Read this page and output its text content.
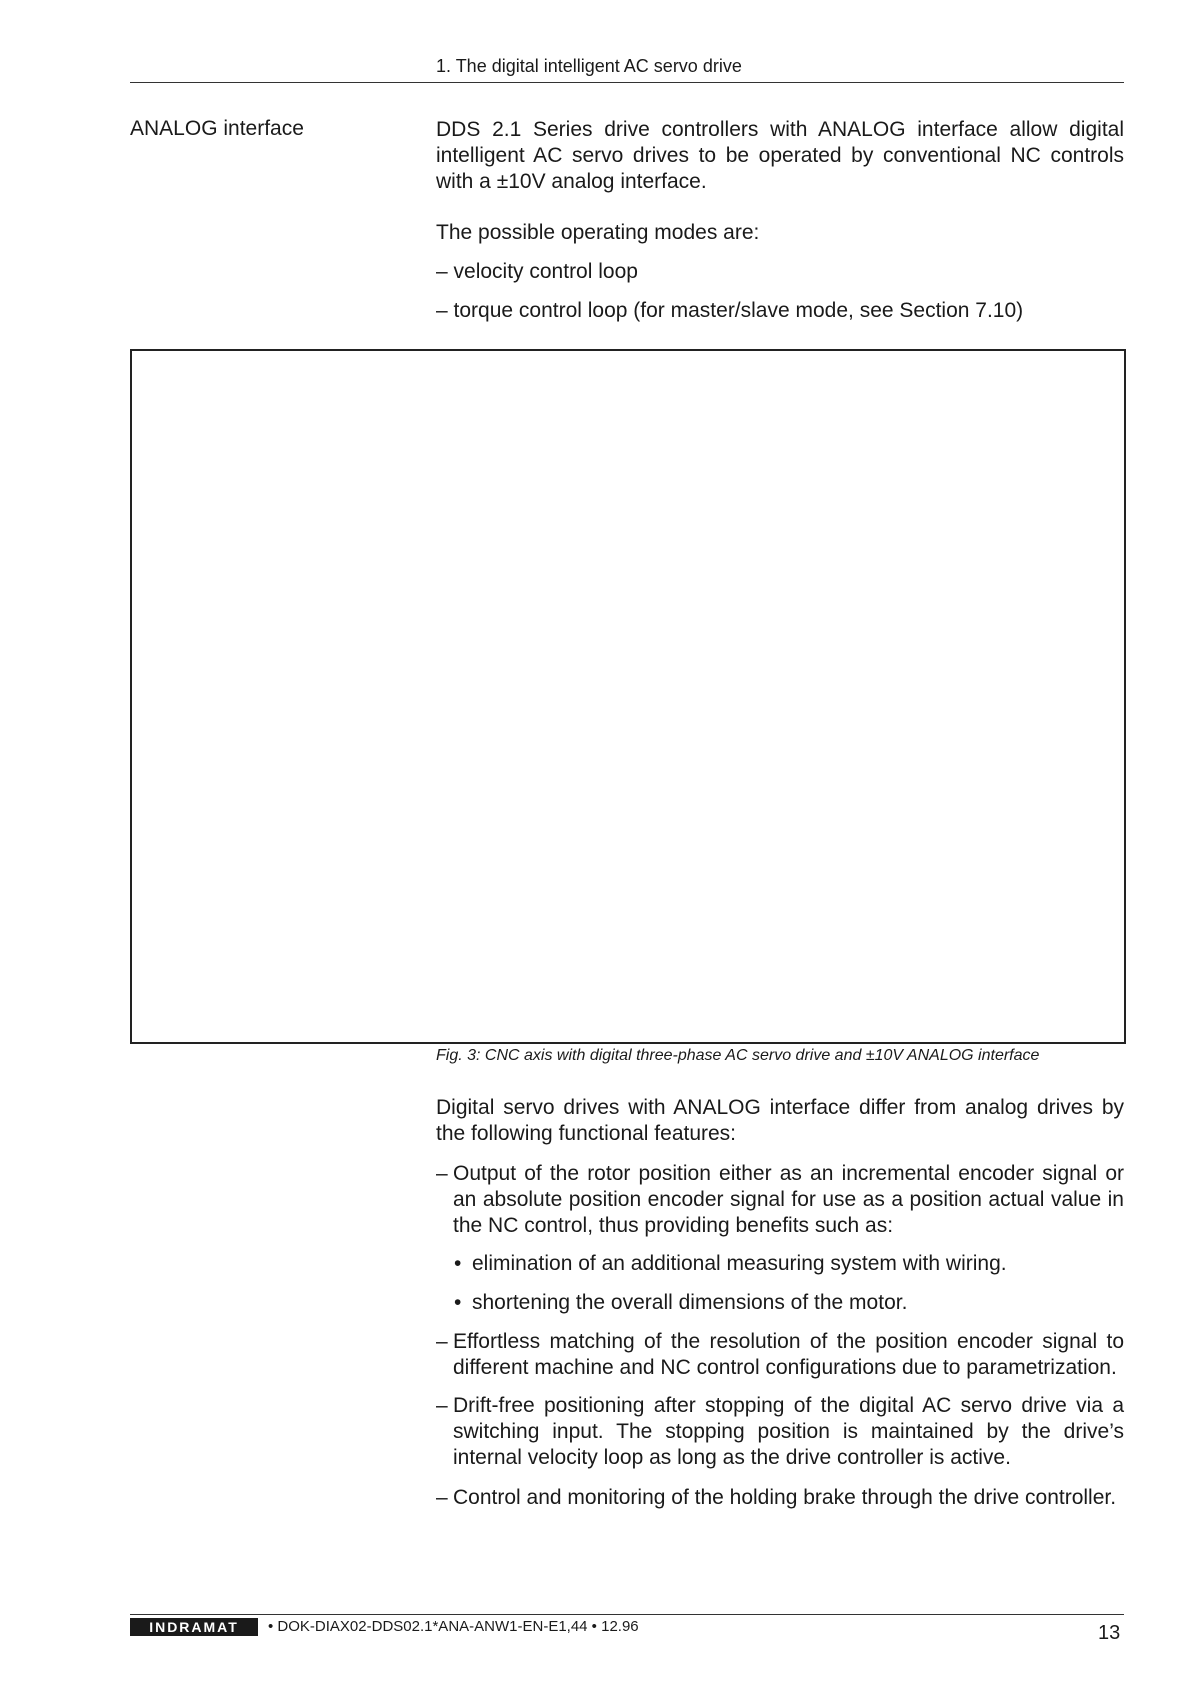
1. The digital intelligent AC servo drive
ANALOG interface	DDS 2.1 Series drive controllers with ANALOG interface allow digital intelligent AC servo drives to be operated by conventional NC controls with a ±10V analog interface.
The possible operating modes are:
– velocity control loop
– torque control loop (for master/slave mode, see Section 7.10)
Fig. 3: CNC axis with digital three-phase AC servo drive and ±10V ANALOG interface
Digital servo drives with ANALOG interface differ from analog drives by the following functional features:
– Output of the rotor position either as an incremental encoder signal or an absolute position encoder signal for use as a position actual value in the NC control, thus providing benefits such as:
• elimination of an additional measuring system with wiring.
• shortening the overall dimensions of the motor.
– Effortless matching of the resolution of the position encoder signal to different machine and NC control configurations due to parametrization.
– Drift-free positioning after stopping of the digital AC servo drive via a switching input. The stopping position is maintained by the drive’s internal velocity loop as long as the drive controller is active.
– Control and monitoring of the holding brake through the drive controller.
INDRAMAT • DOK-DIAX02-DDS02.1*ANA-ANW1-EN-E1,44 • 12.96	13
